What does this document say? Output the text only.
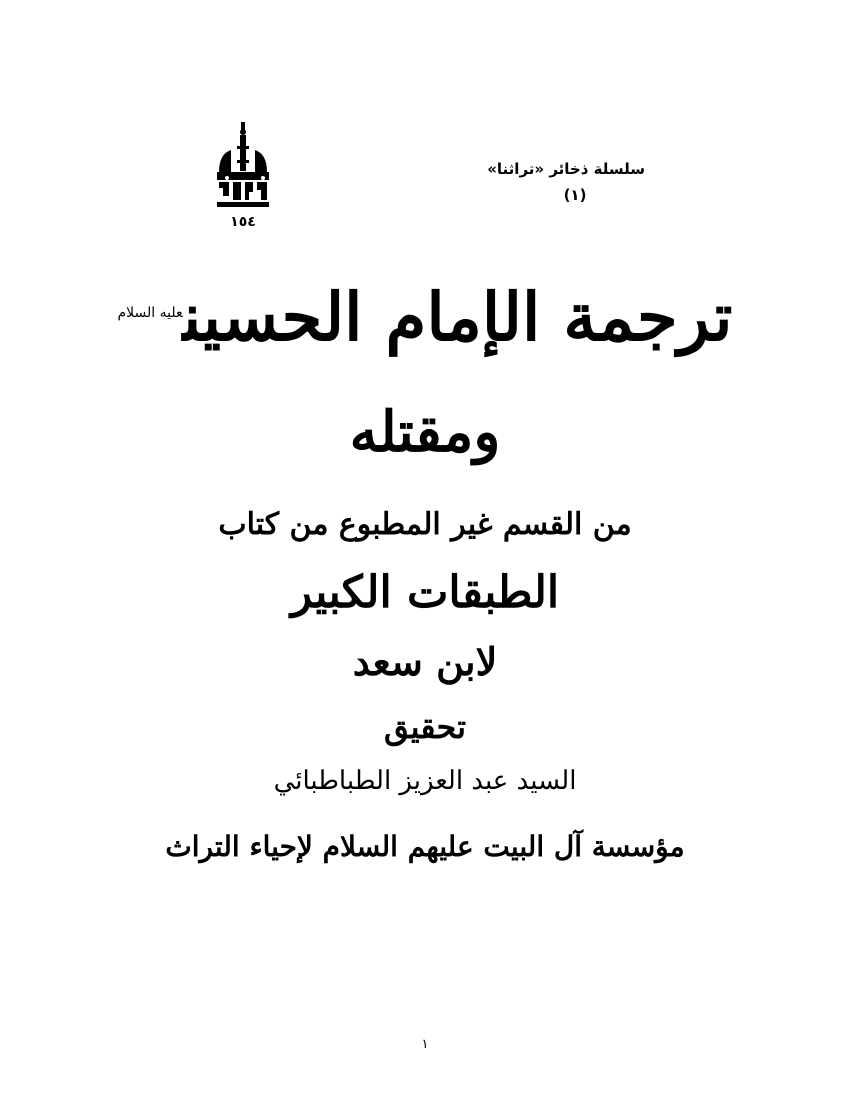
١٥٤
سلسلة ذخائر «تراثنا»
(١)
ترجمة الإمام الحسين$^{عليه السلام}$
ومقتله
من القسم غير المطبوع من كتاب
الطبقات الكبير
لابن سعد
تحقيق
السيد عبد العزيز الطباطبائي
مؤسسة آل البيت عليهم السلام لإحياء التراث
١
